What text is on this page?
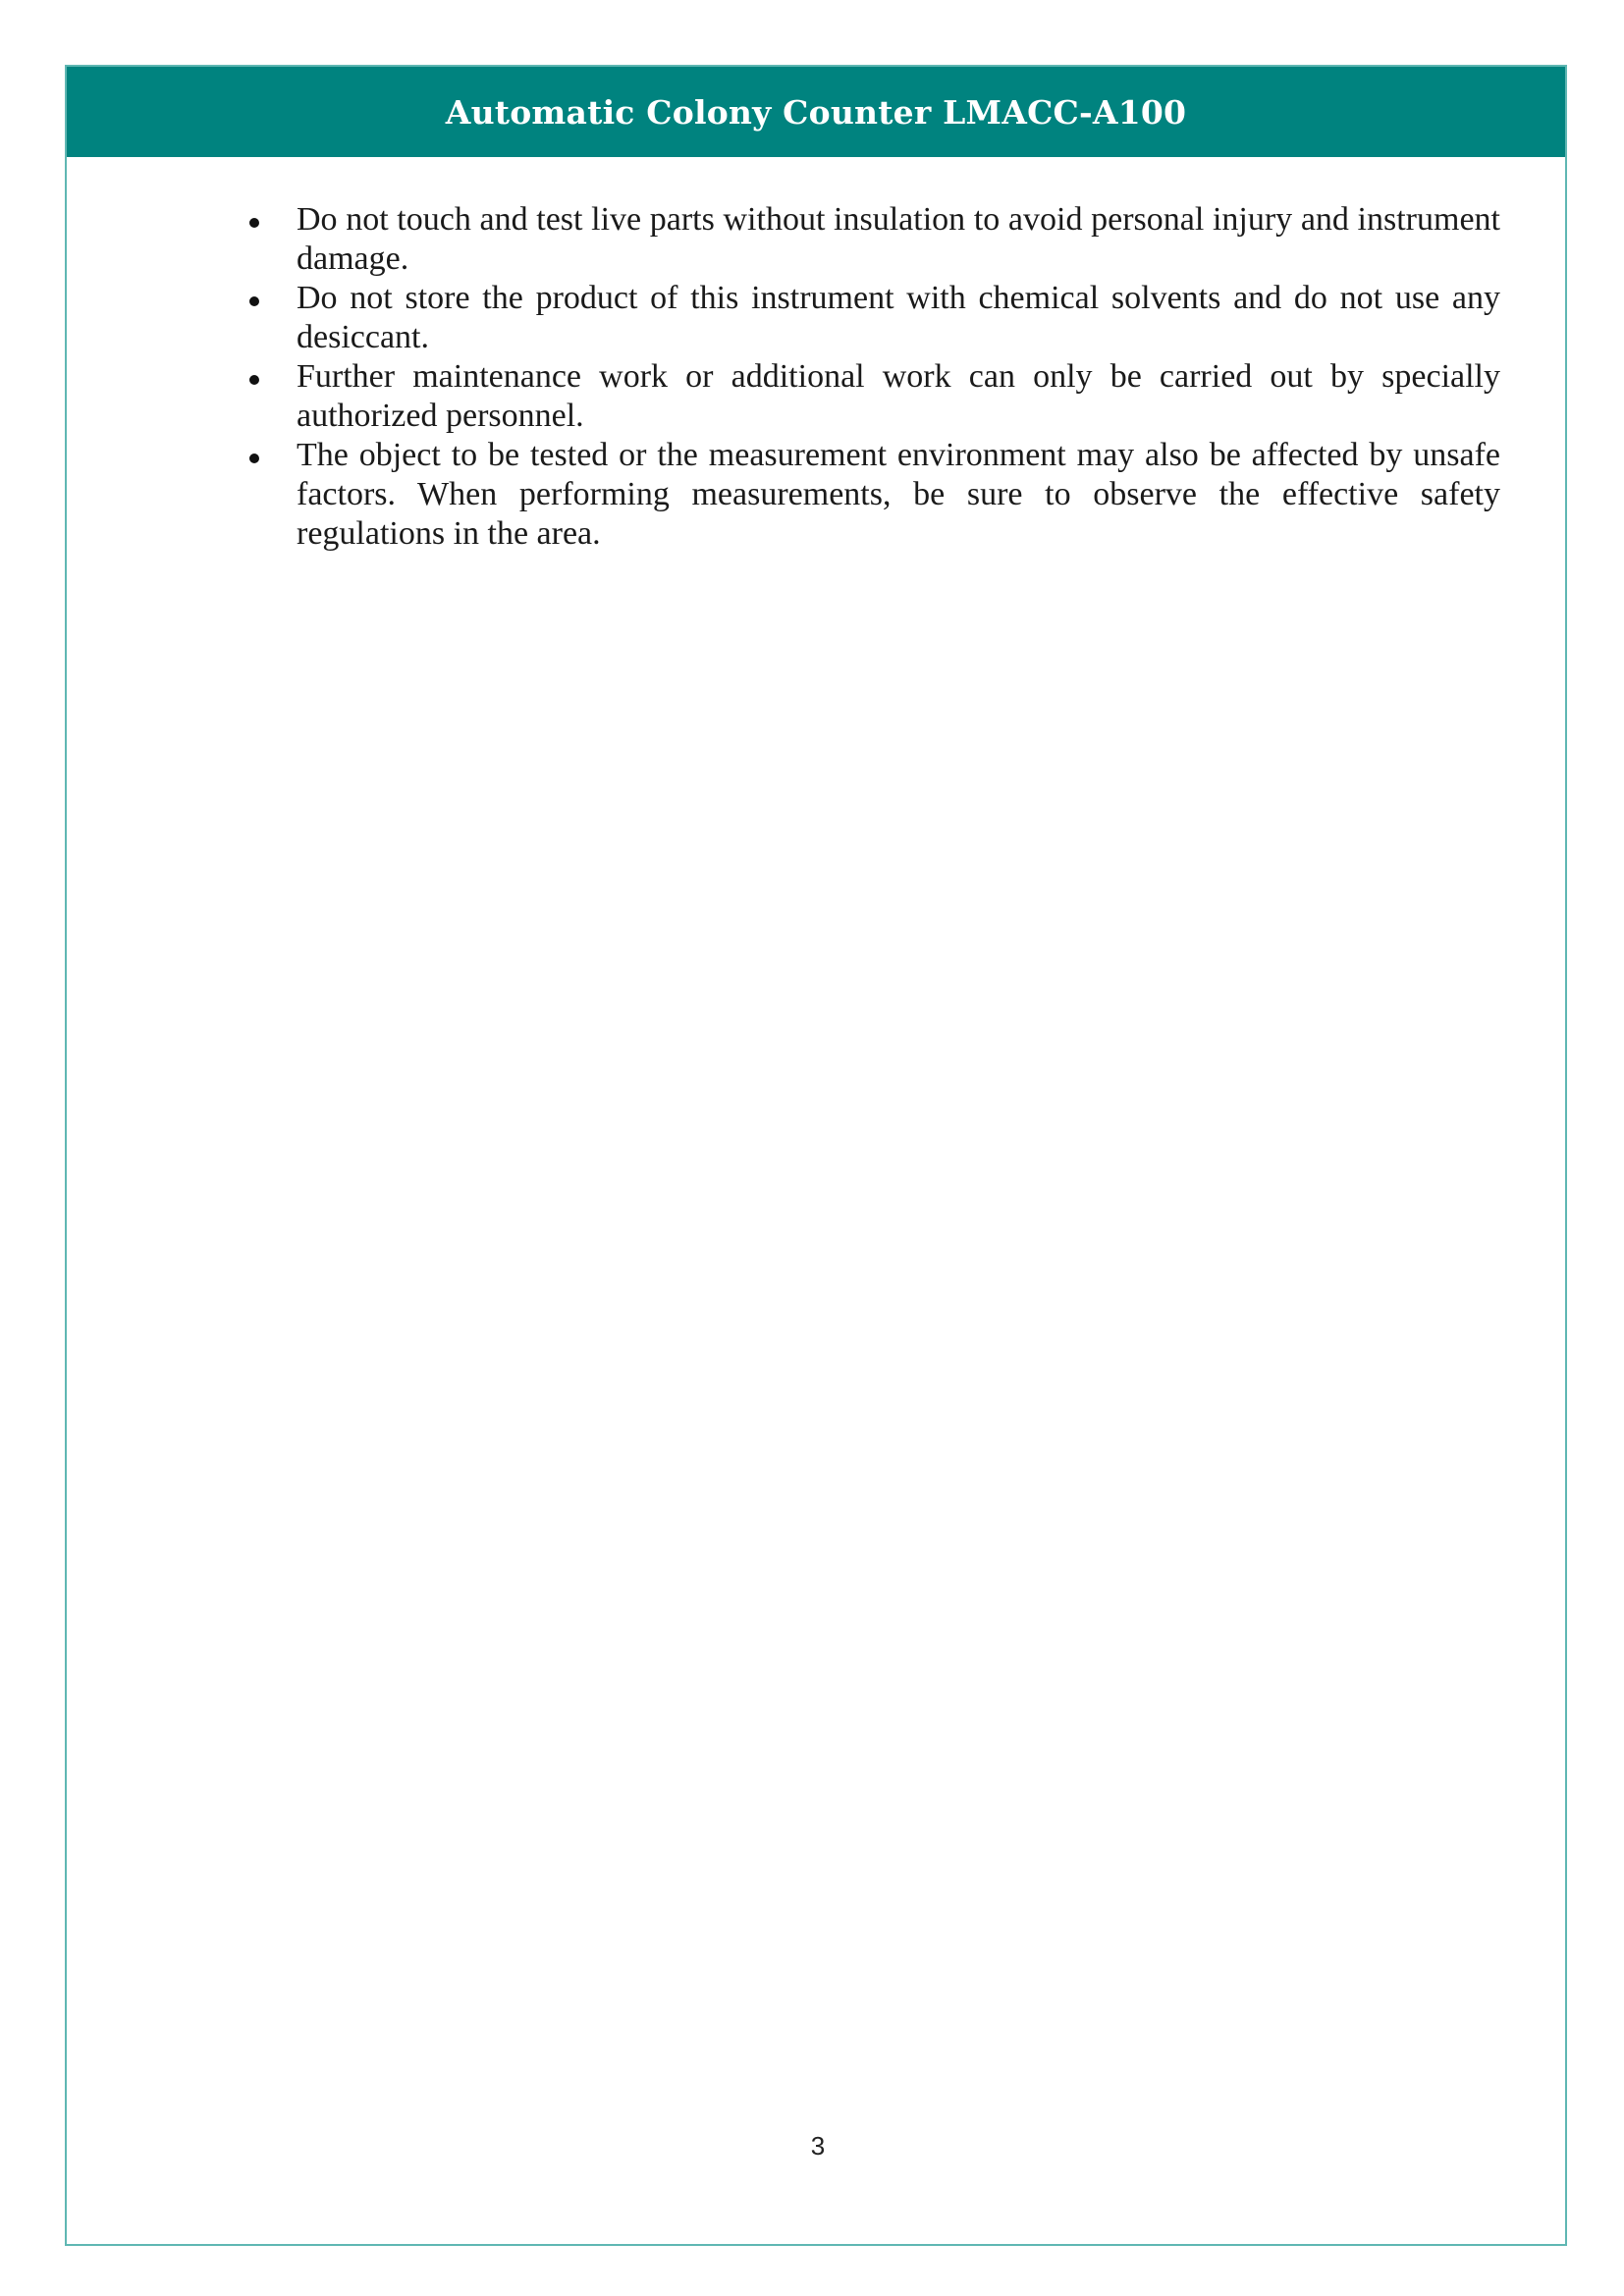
Automatic Colony Counter LMACC-A100
Do not touch and test live parts without insulation to avoid personal injury and instrument damage.
Do not store the product of this instrument with chemical solvents and do not use any desiccant.
Further maintenance work or additional work can only be carried out by specially authorized personnel.
The object to be tested or the measurement environment may also be affected by unsafe factors. When performing measurements, be sure to observe the effective safety regulations in the area.
3
